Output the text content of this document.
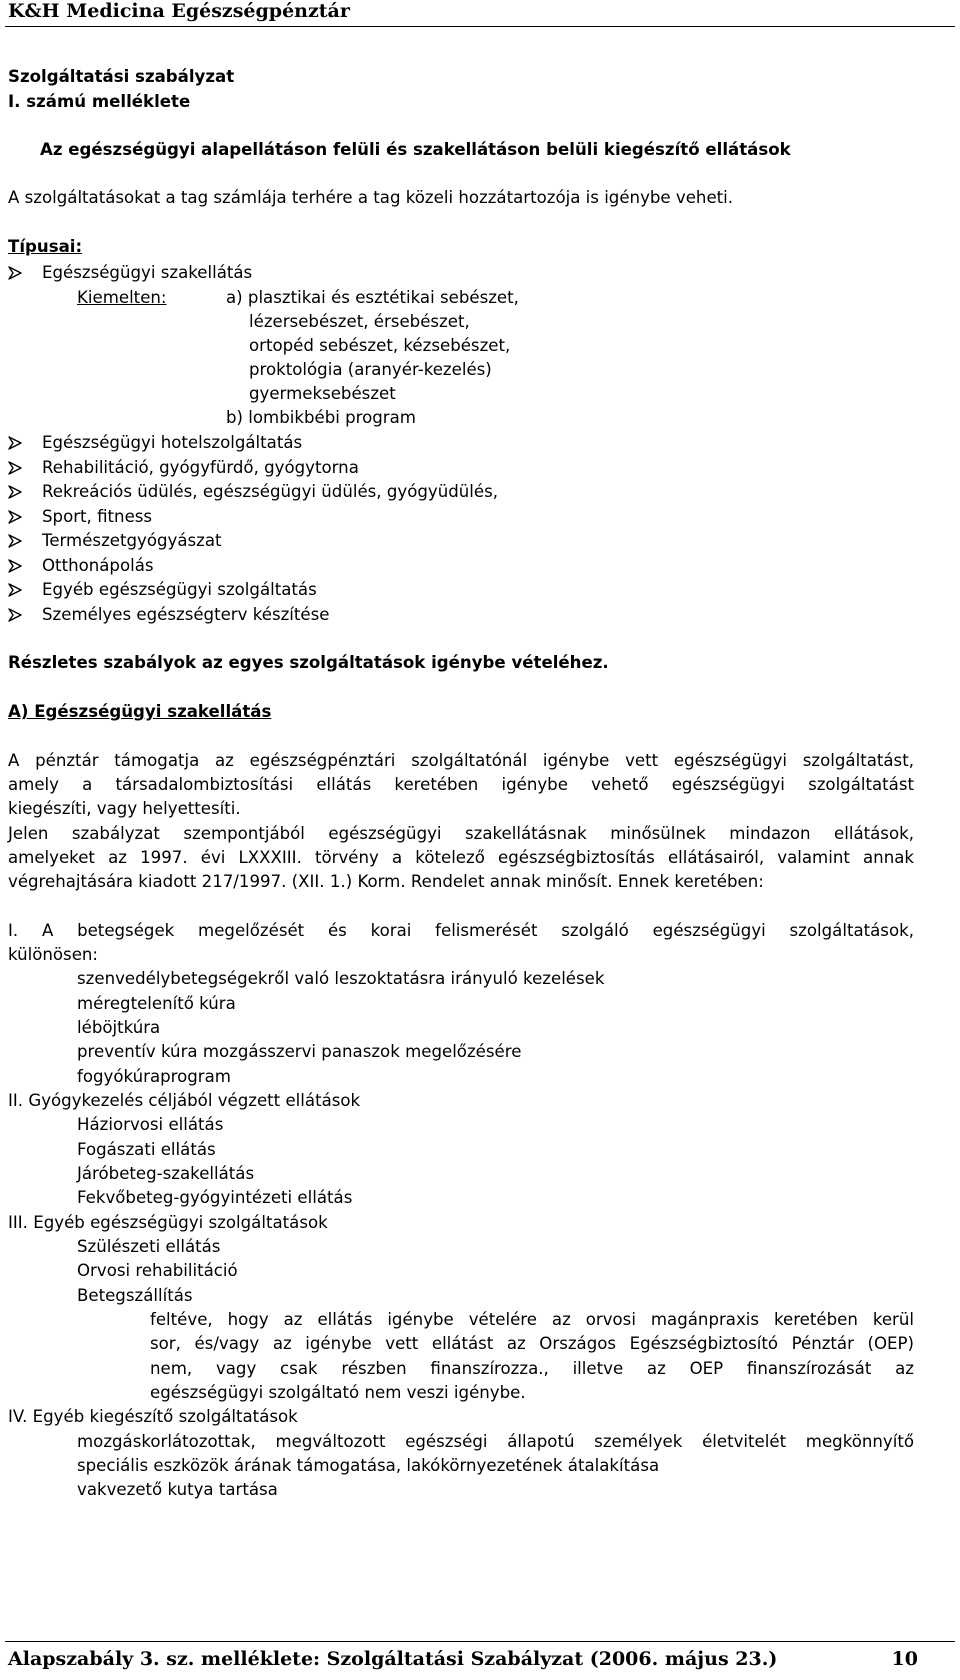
K&H Medicina Egészségpénztár
Szolgáltatási szabályzat
I. számú melléklete
Az egészségügyi alapellátáson felüli és szakellátáson belüli kiegészítő ellátások
A szolgáltatásokat a tag számlája terhére a tag közeli hozzátartozója is igénybe veheti.
Típusai:
Egészségügyi szakellátás
Kiemelten:	a) plasztikai és esztétikai sebészet,
lézersebészet, érsebészet,
ortopéd sebészet, kézsebészet,
proktológia (aranyér-kezelés)
gyermeksebészet
b) lombikbébi program
Egészségügyi hotelszolgáltatás
Rehabilitáció, gyógyfürdő, gyógytorna
Rekreációs üdülés, egészségügyi üdülés, gyógyüdülés,
Sport, fitness
Természetgyógyászat
Otthonápolás
Egyéb egészségügyi szolgáltatás
Személyes egészségterv készítése
Részletes szabályok az egyes szolgáltatások igénybe vételéhez.
A) Egészségügyi szakellátás
A pénztár támogatja az egészségpénztári szolgáltatónál igénybe vett egészségügyi szolgáltatást,
amely a társadalombiztosítási ellátás keretében igénybe vehető egészségügyi szolgáltatást
kiegészíti, vagy helyettesíti.
Jelen szabályzat szempontjából egészségügyi szakellátásnak minősülnek mindazon ellátások,
amelyeket az 1997. évi LXXXIII. törvény a kötelező egészségbiztosítás ellátásairól, valamint annak
végrehajtására kiadott 217/1997. (XII. 1.) Korm. Rendelet annak minősít. Ennek keretében:
I. A betegségek megelőzését és korai felismerését szolgáló egészségügyi szolgáltatások,
különösen:
szenvedélybetegségekről való leszoktatásra irányuló kezelések
méregtelenítő kúra
léböjtkúra
preventív kúra mozgásszervi panaszok megelőzésére
fogyókúraprogram
II. Gyógykezelés céljából végzett ellátások
Háziorvosi ellátás
Fogászati ellátás
Járóbeteg-szakellátás
Fekvőbeteg-gyógyintézeti ellátás
III. Egyéb egészségügyi szolgáltatások
Szülészeti ellátás
Orvosi rehabilitáció
Betegszállítás
feltéve, hogy az ellátás igénybe vételére az orvosi magánpraxis keretében kerül
sor, és/vagy az igénybe vett ellátást az Országos Egészségbiztosító Pénztár (OEP)
nem, vagy csak részben finanszírozza., illetve az OEP finanszírozását az
egészségügyi szolgáltató nem veszi igénybe.
IV. Egyéb kiegészítő szolgáltatások
mozgáskorlátozottak, megváltozott egészségi állapotú személyek életvitelét megkönnyítő
speciális eszközök árának támogatása, lakókörnyezetének átalakítása
vakvezető kutya tartása
Alapszabály 3. sz. melléklete: Szolgáltatási Szabályzat (2006. május 23.)	10
